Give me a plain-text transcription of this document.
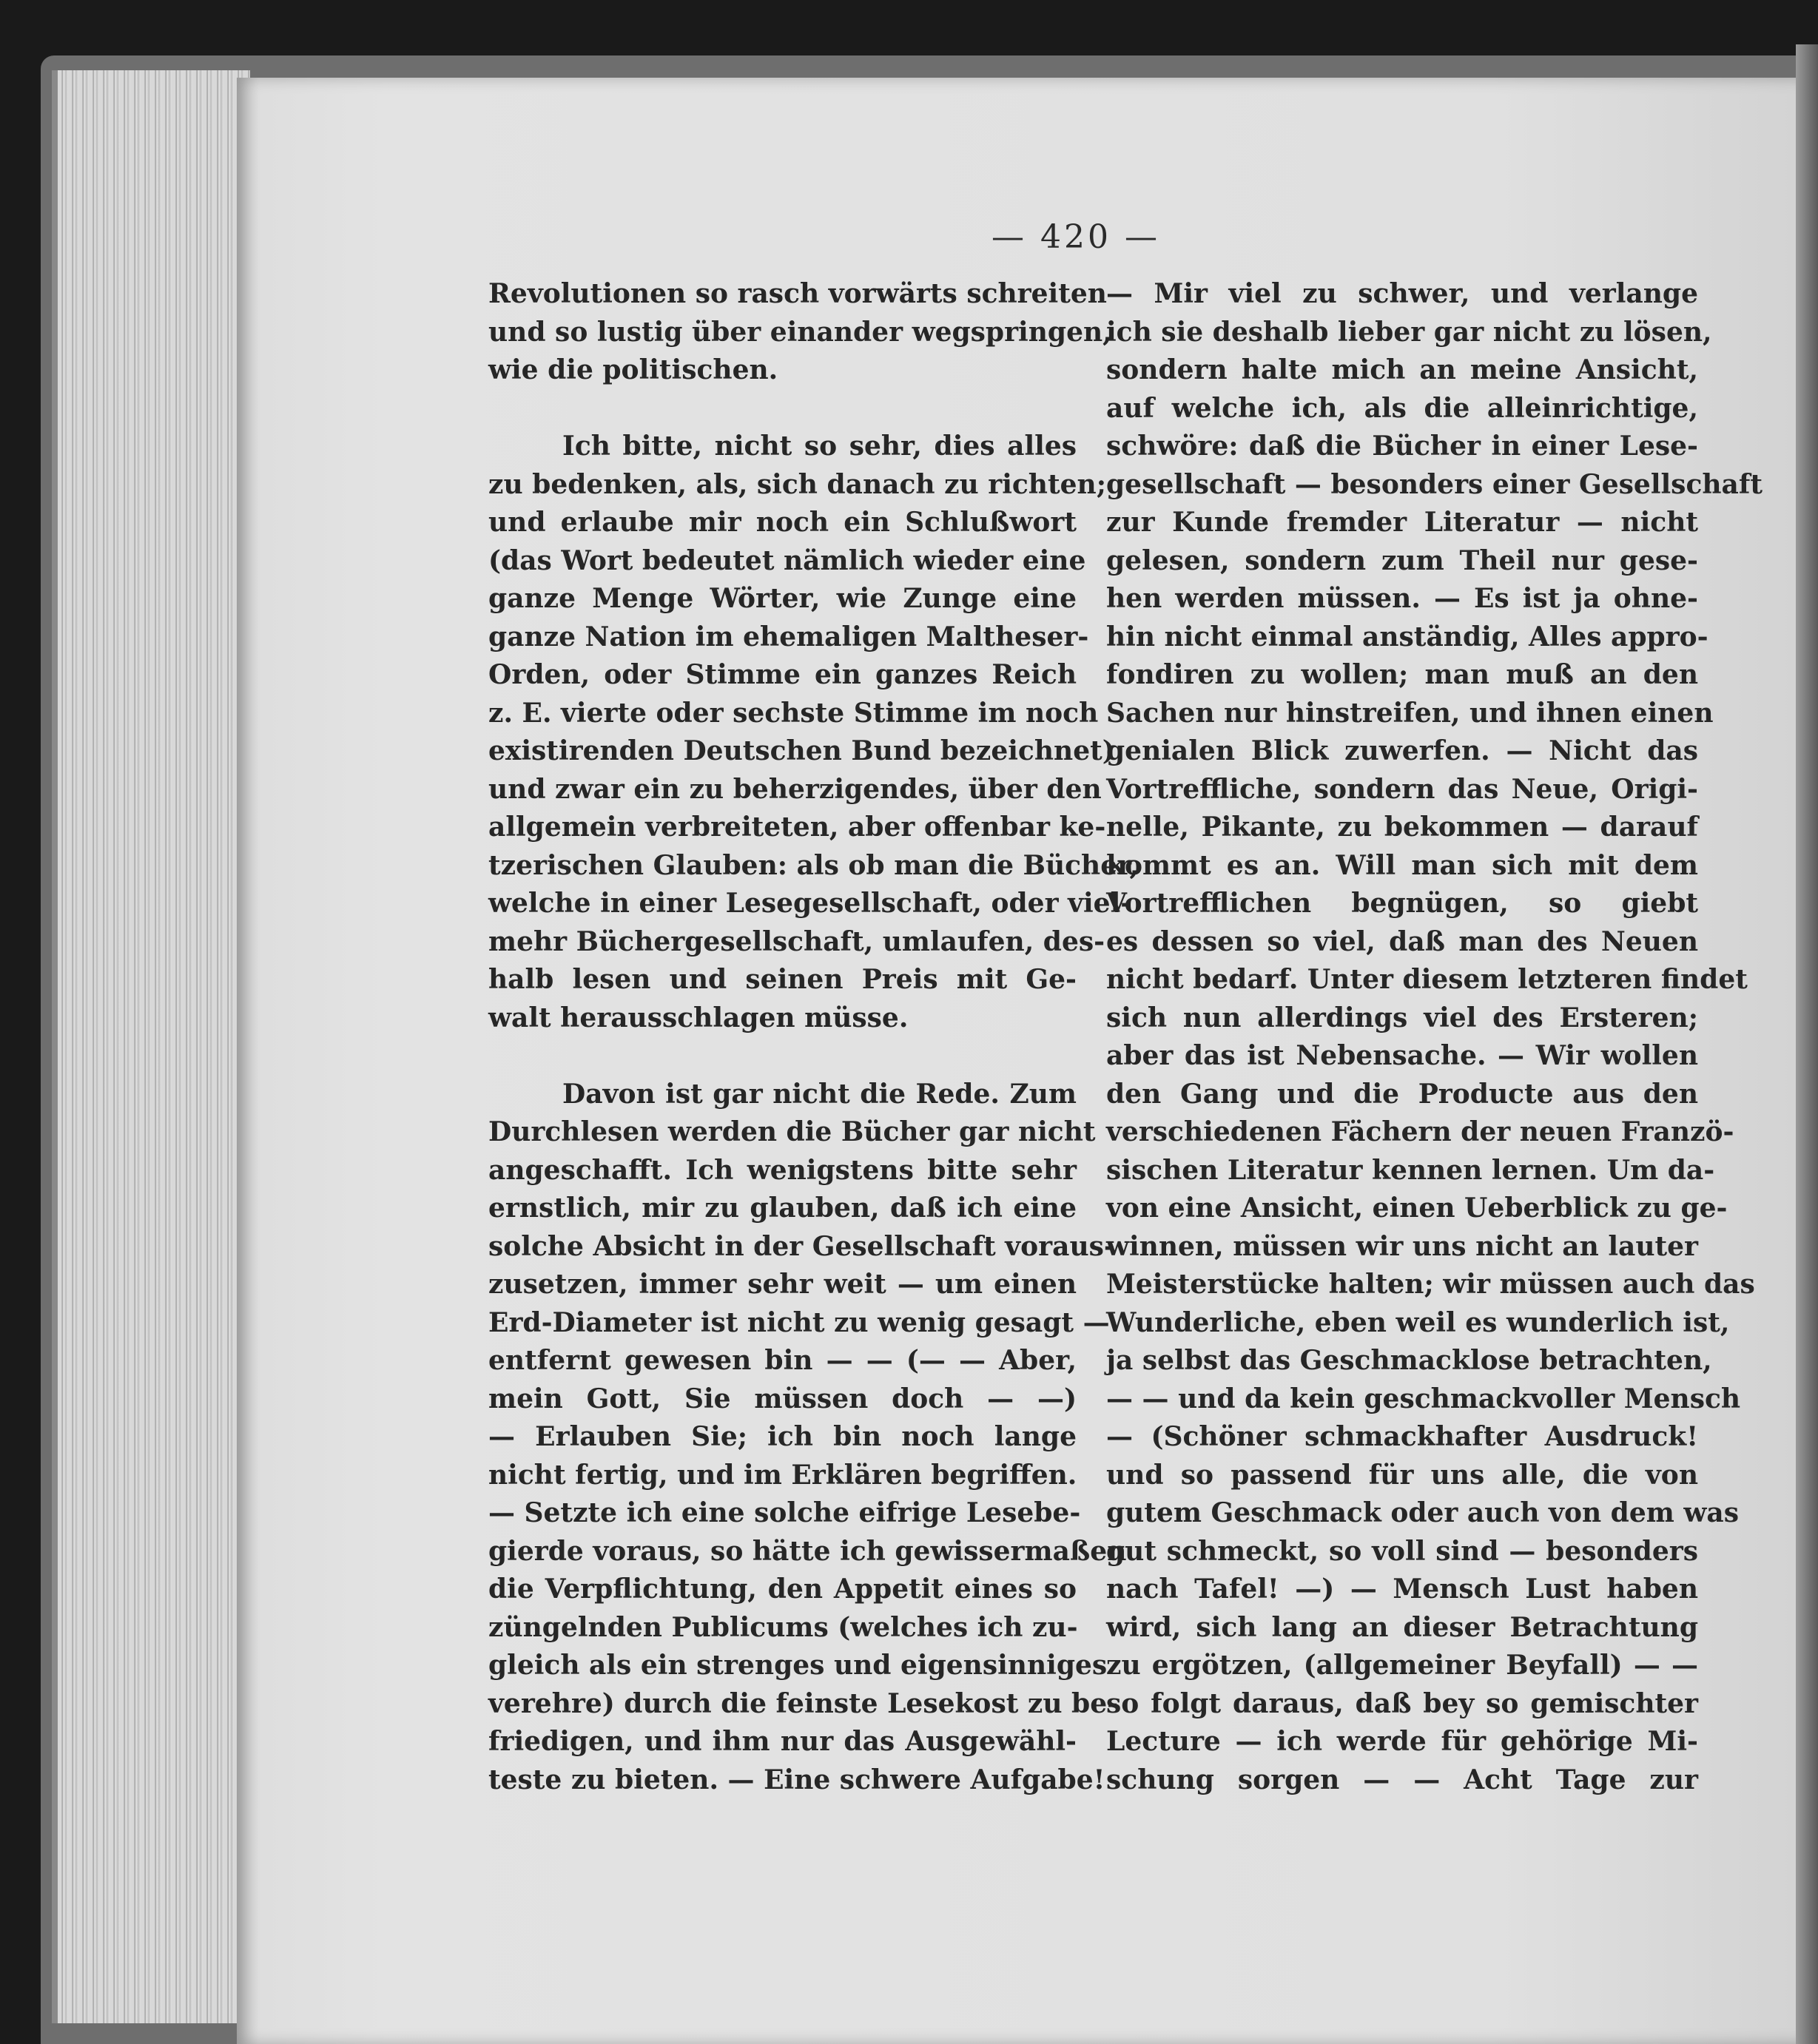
— 420 —
Revolutionen so rasch vorwärts schreiten
und so lustig über einander wegspringen,
wie die politischen.
Ich bitte, nicht so sehr, dies alles
zu bedenken, als, sich danach zu richten;
und erlaube mir noch ein Schlußwort
(das Wort bedeutet nämlich wieder eine
ganze Menge Wörter, wie Zunge eine
ganze Nation im ehemaligen Maltheser-
Orden, oder Stimme ein ganzes Reich
z. E. vierte oder sechste Stimme im noch
existirenden Deutschen Bund bezeichnet)
und zwar ein zu beherzigendes, über den
allgemein verbreiteten, aber offenbar ke-
tzerischen Glauben: als ob man die Bücher,
welche in einer Lesegesellschaft, oder viel-
mehr Büchergesellschaft, umlaufen, des-
halb lesen und seinen Preis mit Ge-
walt herausschlagen müsse.
Davon ist gar nicht die Rede. Zum
Durchlesen werden die Bücher gar nicht
angeschafft. Ich wenigstens bitte sehr
ernstlich, mir zu glauben, daß ich eine
solche Absicht in der Gesellschaft voraus-
zusetzen, immer sehr weit — um einen
Erd-Diameter ist nicht zu wenig gesagt —
entfernt gewesen bin — — (— — Aber,
mein Gott, Sie müssen doch — —)
— Erlauben Sie; ich bin noch lange
nicht fertig, und im Erklären begriffen.
— Setzte ich eine solche eifrige Lesebe-
gierde voraus, so hätte ich gewissermaßen
die Verpflichtung, den Appetit eines so
züngelnden Publicums (welches ich zu-
gleich als ein strenges und eigensinniges
verehre) durch die feinste Lesekost zu be-
friedigen, und ihm nur das Ausgewähl-
teste zu bieten. — Eine schwere Aufgabe!
— Mir viel zu schwer, und verlange
ich sie deshalb lieber gar nicht zu lösen,
sondern halte mich an meine Ansicht,
auf welche ich, als die alleinrichtige,
schwöre: daß die Bücher in einer Lese-
gesellschaft — besonders einer Gesellschaft
zur Kunde fremder Literatur — nicht
gelesen, sondern zum Theil nur gese-
hen werden müssen. — Es ist ja ohne-
hin nicht einmal anständig, Alles appro-
fondiren zu wollen; man muß an den
Sachen nur hinstreifen, und ihnen einen
genialen Blick zuwerfen. — Nicht das
Vortreffliche, sondern das Neue, Origi-
nelle, Pikante, zu bekommen — darauf
kommt es an. Will man sich mit dem
Vortrefflichen begnügen, so giebt
es dessen so viel, daß man des Neuen
nicht bedarf. Unter diesem letzteren findet
sich nun allerdings viel des Ersteren;
aber das ist Nebensache. — Wir wollen
den Gang und die Producte aus den
verschiedenen Fächern der neuen Franzö-
sischen Literatur kennen lernen. Um da-
von eine Ansicht, einen Ueberblick zu ge-
winnen, müssen wir uns nicht an lauter
Meisterstücke halten; wir müssen auch das
Wunderliche, eben weil es wunderlich ist,
ja selbst das Geschmacklose betrachten,
— — und da kein geschmackvoller Mensch
— (Schöner schmackhafter Ausdruck!
und so passend für uns alle, die von
gutem Geschmack oder auch von dem was
gut schmeckt, so voll sind — besonders
nach Tafel! —) — Mensch Lust haben
wird, sich lang an dieser Betrachtung
zu ergötzen, (allgemeiner Beyfall) — —
so folgt daraus, daß bey so gemischter
Lecture — ich werde für gehörige Mi-
schung sorgen — — Acht Tage zur
